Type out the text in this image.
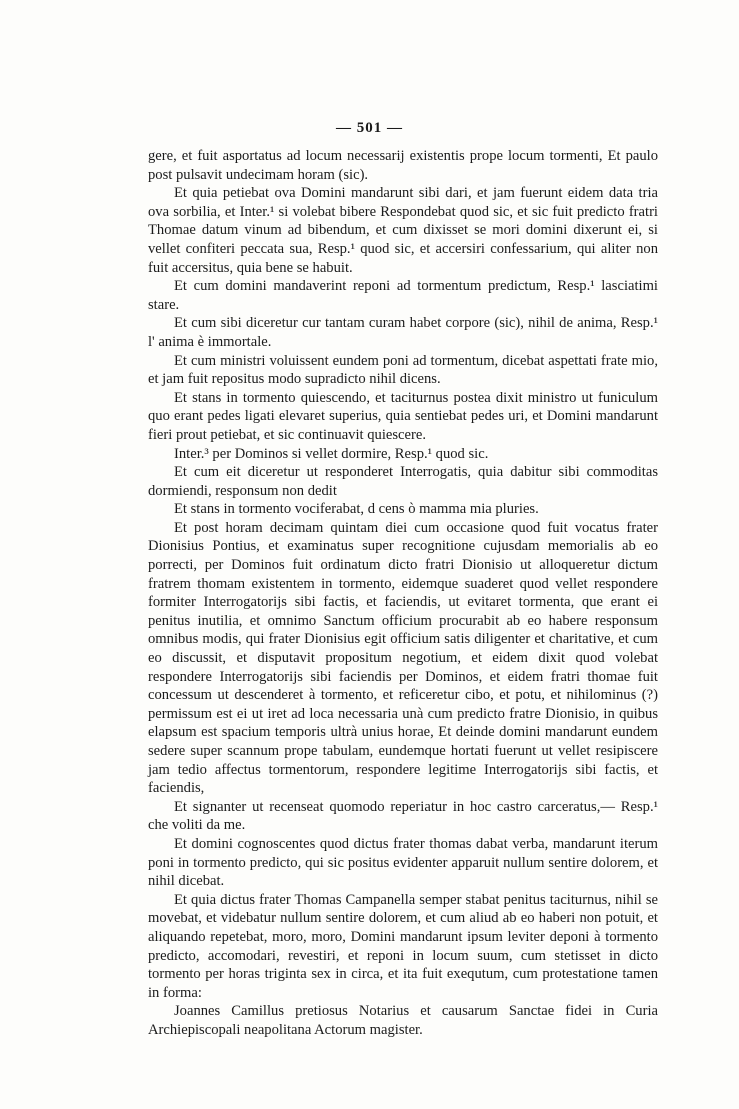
— 501 —

gere, et fuit asportatus ad locum necessarij existentis prope locum tormenti, Et paulo post pulsavit undecimam horam (sic).

Et quia petiebat ova Domini mandarunt sibi dari, et jam fuerunt eidem data tria ova sorbilia, et Inter.¹ si volebat bibere Respondebat quod sic, et sic fuit predicto fratri Thomae datum vinum ad bibendum, et cum dixisset se mori domini dixerunt ei, si vellet confiteri peccata sua, Resp.¹ quod sic, et accersiri confessarium, qui aliter non fuit accersitus, quia bene se habuit.

Et cum domini mandaverint reponi ad tormentum predictum, Resp.¹ lasciatimi stare.

Et cum sibi diceretur cur tantam curam habet corpore (sic), nihil de anima, Resp.¹ l' anima è immortale.

Et cum ministri voluissent eundem poni ad tormentum, dicebat aspettati frate mio, et jam fuit repositus modo supradicto nihil dicens.

Et stans in tormento quiescendo, et taciturnus postea dixit ministro ut funiculum quo erant pedes ligati elevaret superius, quia sentiebat pedes uri, et Domini mandarunt fieri prout petiebat, et sic continuavit quiescere.

Inter.³ per Dominos si vellet dormire, Resp.¹ quod sic.

Et cum eit diceretur ut responderet Interrogatis, quia dabitur sibi commoditas dormiendi, responsum non dedit

Et stans in tormento vociferabat, d cens ò mamma mia pluries.

Et post horam decimam quintam diei cum occasione quod fuit vocatus frater Dionisius Pontius, et examinatus super recognitione cujusdam memorialis ab eo porrecti, per Dominos fuit ordinatum dicto fratri Dionisio ut alloqueretur dictum fratrem thomam existentem in tormento, eidemque suaderet quod vellet respondere formiter Interrogatorijs sibi factis, et faciendis, ut evitaret tormenta, que erant ei penitus inutilia, et omnimo Sanctum officium procurabit ab eo habere responsum omnibus modis, qui frater Dionisius egit officium satis diligenter et charitative, et cum eo discussit, et disputavit propositum negotium, et eidem dixit quod volebat respondere Interrogatorijs sibi faciendis per Dominos, et eidem fratri thomae fuit concessum ut descenderet à tormento, et reficeretur cibo, et potu, et nihilominus (?) permissum est ei ut iret ad loca necessaria unà cum predicto fratre Dionisio, in quibus elapsum est spacium temporis ultrà unius horae, Et deinde domini mandarunt eundem sedere super scannum prope tabulam, eundemque hortati fuerunt ut vellet resipiscere jam tedio affectus tormentorum, respondere legitime Interrogatorijs sibi factis, et faciendis,

Et signanter ut recenseat quomodo reperiatur in hoc castro carceratus,— Resp.¹ che voliti da me.

Et domini cognoscentes quod dictus frater thomas dabat verba, mandarunt iterum poni in tormento predicto, qui sic positus evidenter apparuit nullum sentire dolorem, et nihil dicebat.

Et quia dictus frater Thomas Campanella semper stabat penitus taciturnus, nihil se movebat, et videbatur nullum sentire dolorem, et cum aliud ab eo haberi non potuit, et aliquando repetebat, moro, moro, Domini mandarunt ipsum leviter deponi à tormento predicto, accomodari, revestiri, et reponi in locum suum, cum stetisset in dicto tormento per horas triginta sex in circa, et ita fuit exequtum, cum protestatione tamen in forma:

Joannes Camillus pretiosus Notarius et causarum Sanctae fidei in Curia Archiepiscopali neapolitana Actorum magister.
